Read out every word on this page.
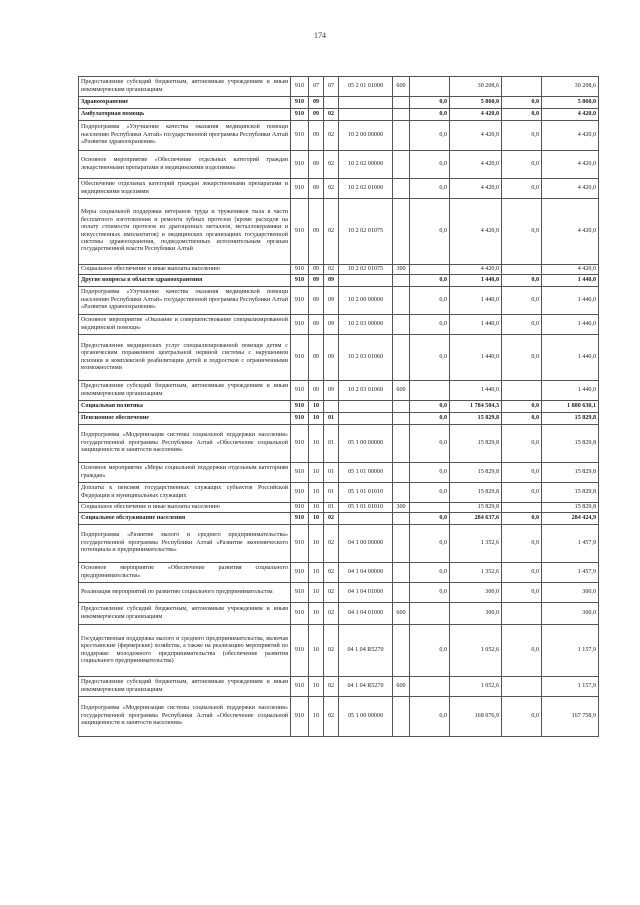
174
Предоставление субсидий бюджетным, автономным учреждениям и иным некоммерческим организациям	910	07	07	05 2 01 01000	600		30 208,6		30 208,6
Здравоохранение	910	09				0,0	5 860,0	0,0	5 860,0
Амбулаторная помощь	910	09	02			0,0	4 420,0	0,0	4 420,0
Подпрограмма «Улучшение качества оказания медицинской помощи населению Республики Алтай» государственной программы Республики Алтай «Развитие здравоохранения»	910	09	02	10 2 00 00000		0,0	4 420,0	0,0	4 420,0
Основное мероприятие «Обеспечение отдельных категорий граждан лекарственными препаратами и медицинскими изделиями»	910	09	02	10 2 02 00000		0,0	4 420,0	0,0	4 420,0
Обеспечение отдельных категорий граждан лекарственными препаратами и медицинскими изделиями	910	09	02	10 2 02 01000		0,0	4 420,0	0,0	4 420,0
Меры социальной поддержки ветеранов труда и тружеников тыла в части бесплатного изготовления и ремонта зубных протезов (кроме расходов на оплату стоимости протезов из драгоценных металлов, металлокерамики и искусственных имплантатов) в медицинских организациях государственной системы здравоохранения, подведомственных исполнительным органам государственной власти Республики Алтай	910	09	02	10 2 02 01075		0,0	4 420,0	0,0	4 420,0
Социальное обеспечение и иные выплаты населению	910	09	02	10 2 02 01075	300		4 420,0		4 420,0
Другие вопросы в области здравоохранения	910	09	09			0,0	1 440,0	0,0	1 440,0
Подпрограмма «Улучшение качества оказания медицинской помощи населению Республики Алтай» государственной программы Республики Алтай «Развитие здравоохранения»	910	09	09	10 2 00 00000		0,0	1 440,0	0,0	1 440,0
Основное мероприятие «Оказание и совершенствование специализированной медицинской помощи»	910	09	09	10 2 03 00000		0,0	1 440,0	0,0	1 440,0
Предоставление медицинских услуг специализированной помощи детям с органическим поражением центральной нервной системы с нарушением психики и комплексной реабилитации детей и подростков с ограниченными возможностями	910	09	09	10 2 03 01060		0,0	1 440,0	0,0	1 440,0
Предоставление субсидий бюджетным, автономным учреждениям и иным некоммерческим организациям	910	09	09	10 2 03 01060	600		1 440,0		1 440,0
Социальная политика	910	10				0,0	1 784 504,3	0,0	1 880 630,1
Пенсионное обеспечение	910	10	01			0,0	15 829,8	0,0	15 829,8
Подпрограмма «Модернизация системы социальной поддержки населения» государственной программы Республики Алтай «Обеспечение социальной защищенности и занятости населения»	910	10	01	05 1 00 00000		0,0	15 829,8	0,0	15 829,8
Основное мероприятие «Меры социальной поддержки отдельным категориям граждан»	910	10	01	05 1 01 00000		0,0	15 829,8	0,0	15 829,8
Доплаты к пенсиям государственных служащих субъектов Российской Федерации и муниципальных служащих	910	10	01	05 1 01 01010		0,0	15 829,8	0,0	15 829,8
Социальное обеспечение и иные выплаты населению	910	10	01	05 1 01 01010	300		15 829,8		15 829,8
Социальное обслуживание населения	910	10	02			0,0	284 637,6	0,0	284 424,9
Подпрограмма «Развитие малого и среднего предпринимательства» государственной программы Республики Алтай «Развитие экономического потенциала и предпринимательства»	910	10	02	04 1 00 00000		0,0	1 352,6	0,0	1 457,9
Основное мероприятие «Обеспечение развития социального предпринимательства»	910	10	02	04 1 04 00000		0,0	1 352,6	0,0	1 457,9
Реализация мероприятий по развитию социального предпринимательства	910	10	02	04 1 04 01000		0,0	300,0	0,0	300,0
Предоставление субсидий бюджетным, автономным учреждениям и иным некоммерческим организациям	910	10	02	04 1 04 01000	600		300,0		300,0
Государственная поддержка малого и среднего предпринимательства, включая крестьянские (фермерские) хозяйства, а также на реализацию мероприятий по поддержке молодежного предпринимательства (обеспечение развития социального предпринимательства)	910	10	02	04 1 04 R5270		0,0	1 052,6	0,0	1 157,9
Предоставление субсидий бюджетным, автономным учреждениям и иным некоммерческим организациям	910	10	02	04 1 04 R5270	600		1 052,6		1 157,9
Подпрограмма «Модернизация системы социальной поддержки населения» государственной программы Республики Алтай «Обеспечение социальной защищенности и занятости населения»	910	10	02	05 1 00 00000		0,0	168 076,9	0,0	167 758,9
